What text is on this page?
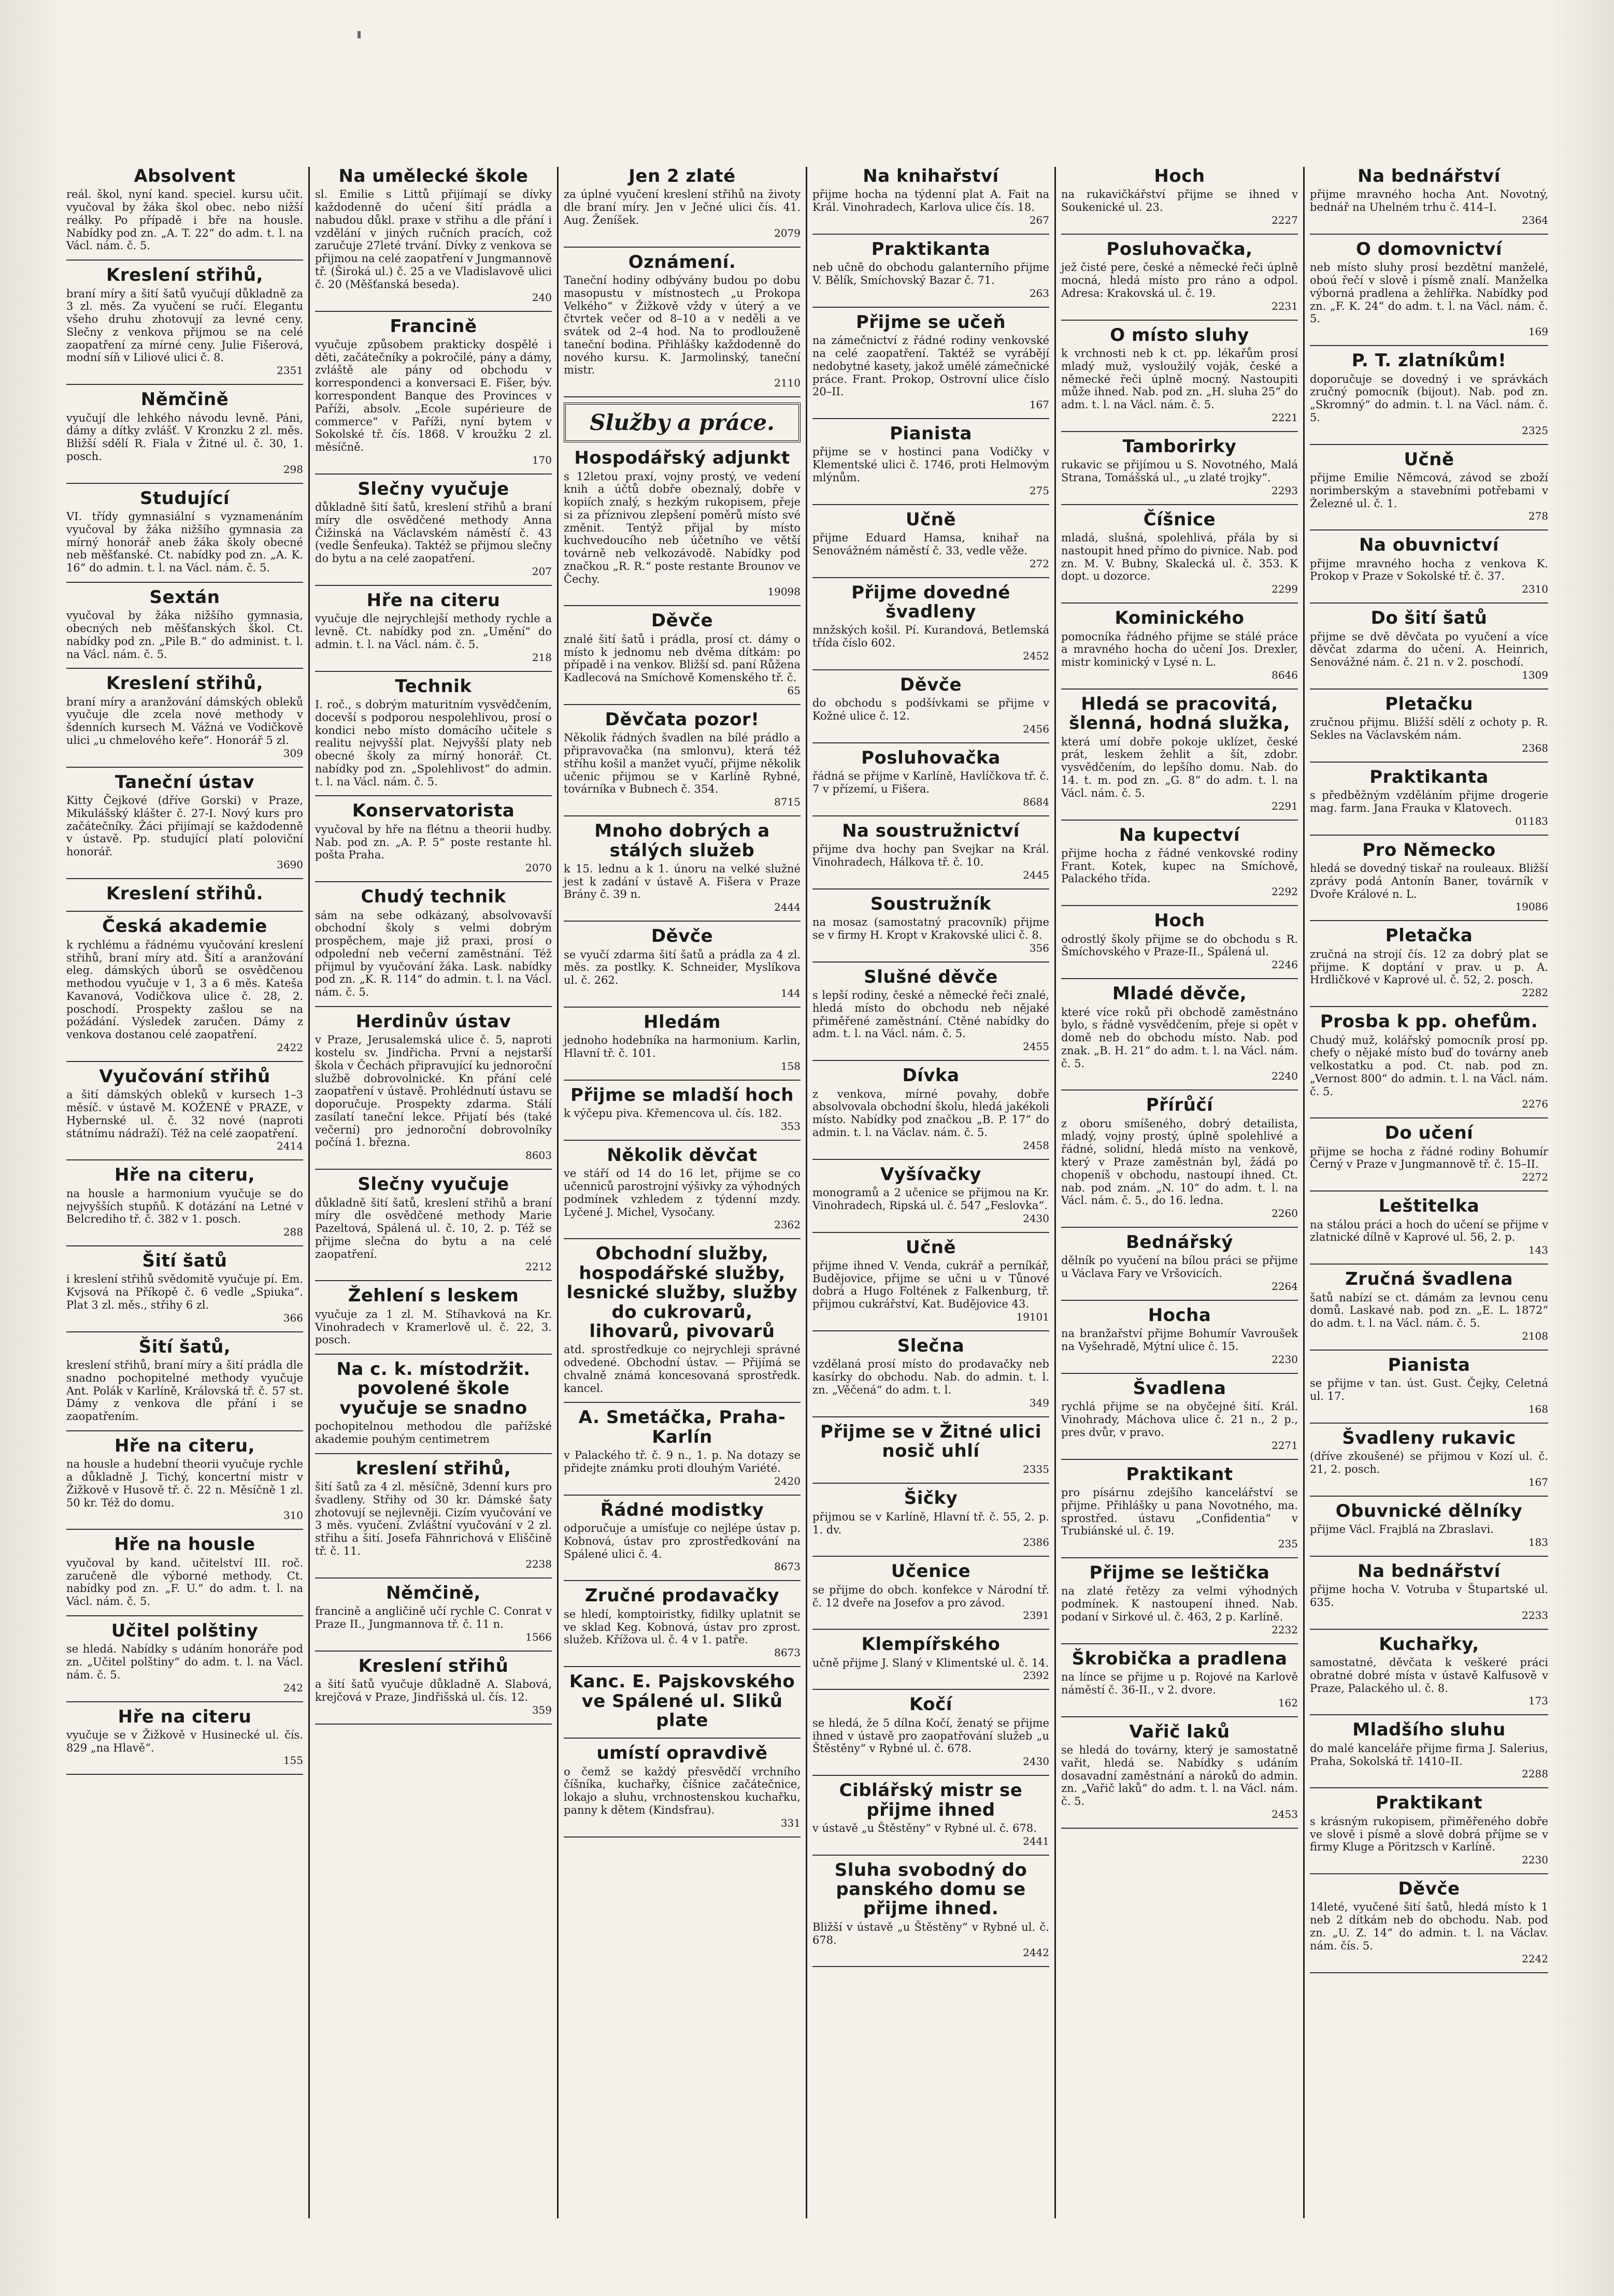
Absolvent

reál. škol, nyní kand. speciel. kursu učit. vyučoval by žáka škol obec. nebo nižší reálky. Po případě i bře na housle. Nabídky pod zn. „A. T. 22“ do adm. t. l. na Václ. nám. č. 5.

Kreslení střihů,

braní míry a šití šatů vyučují důkladně za 3 zl. měs. Za vyučení se ručí. Elegantu všeho druhu zhotovují za levné ceny. Slečny z venkova přijmou se na celé zaopatření za mírné ceny. Julie Fišerová, modní síň v Liliové ulici č. 8.

2351

Němčině

vyučují dle lehkého návodu levně. Páni, dámy a dítky zvlášť. V Kronzku 2 zl. měs. Bližší sdělí R. Fiala v Žitné ul. č. 30, 1. posch.

298

Studující

VI. třídy gymnasiální s vyznamenáním vyučoval by žáka nižšího gymnasia za mírný honorář aneb žáka školy obecné neb měšťanské. Ct. nabídky pod zn. „A. K. 16“ do admin. t. l. na Václ. nám. č. 5.

Sextán

vyučoval by žáka nižšího gymnasia, obecných neb měšťanských škol. Ct. nabídky pod zn. „Pile B.“ do administ. t. l. na Václ. nám. č. 5.

Kreslení střihů,

braní míry a aranžování dámských obleků vyučuje dle zcela nové methody v šdenních kursech M. Vážná ve Vodičkově ulici „u chmelového keře“. Honorář 5 zl.

309

Taneční ústav

Kitty Čejkové (dříve Gorski) v Praze, Mikulášský klášter č. 27-I. Nový kurs pro začátečníky. Žáci přijímají se každodenně v ústavě. Pp. studující platí poloviční honorář.

3690

Kreslení střihů.
Česká akademie

k rychlému a řádnému vyučování kreslení střihů, braní míry atd. Šití a aranžování eleg. dámských úborů se osvědčenou methodou vyučuje v 1, 3 a 6 měs. Kateša Kavanová, Vodičkova ulice č. 28, 2. poschodí. Prospekty zašlou se na požádání. Výsledek zaručen. Dámy z venkova dostanou celé zaopatření.

2422

Vyučování střihů

a šití dámských obleků v kursech 1–3 měsíč. v ústavě M. KOŽENÉ v PRAZE, v Hybernské ul. č. 32 nové (naproti státnímu nádraží). Též na celé zaopatření.

2414

Hře na citeru,

na housle a harmonium vyučuje se do nejvyšších stupňů. K dotázání na Letné v Belcrediho tř. č. 382 v 1. posch.

288

Šití šatů

i kreslení střihů svědomitě vyučuje pí. Em. Kvjsová na Příkopě č. 6 vedle „Spiuka“. Plat 3 zl. měs., střihy 6 zl.

366

Šití šatů,

kreslení střihů, braní míry a šití prádla dle snadno pochopitelné methody vyučuje Ant. Polák v Karlíně, Královská tř. č. 57 st. Dámy z venkova dle přání i se zaopatřením.

Hře na citeru,

na housle a hudební theorii vyučuje rychle a důkladně J. Tichý, koncertní mistr v Žižkově v Husově tř. č. 22 n. Měsíčně 1 zl. 50 kr. Též do domu.

310

Hře na housle

vyučoval by kand. učitelství III. roč. zaručeně dle výborné methody. Ct. nabídky pod zn. „F. U.“ do adm. t. l. na Václ. nám. č. 5.

Učitel polštiny

se hledá. Nabídky s udáním honoráře pod zn. „Učitel polštiny“ do adm. t. l. na Václ. nám. č. 5.

242

Hře na citeru

vyučuje se v Žižkově v Husinecké ul. čís. 829 „na Hlavě“.

155

Na umělecké škole

sl. Emilie s Littů přijímají se dívky každodenně do učení šití prádla a nabudou důkl. praxe v střihu a dle přání i vzdělání v jiných ručních pracích, což zaručuje 27leté trvání. Dívky z venkova se přijmou na celé zaopatření v Jungmannově tř. (Široká ul.) č. 25 a ve Vladislavově ulici č. 20 (Měšťanská beseda).

240

Francině

vyučuje způsobem prakticky dospělé i děti, začátečníky a pokročilé, pány a dámy, zvláště ale pány od obchodu v korrespondenci a konversaci E. Fišer, býv. korrespondent Banque des Provinces v Paříži, absolv. „Ecole supérieure de commerce“ v Paříži, nyní bytem v Sokolské tř. čís. 1868. V kroužku 2 zl. měsíčně.

170

Slečny vyučuje

důkladně šití šatů, kreslení střihů a braní míry dle osvědčené methody Anna Čižinská na Václavském náměstí č. 43 (vedle Šenfeuka). Taktéž se přijmou slečny do bytu a na celé zaopatření.

207

Hře na citeru

vyučuje dle nejrychlejší methody rychle a levně. Ct. nabídky pod zn. „Umění“ do admin. t. l. na Václ. nám. č. 5.

218

Technik

I. roč., s dobrým maturitním vysvědčením, docevší s podporou nespolehlivou, prosí o kondici nebo místo domácího učitele s realitu nejvyšší plat. Nejvyšší platy neb obecné školy za mírný honorář. Ct. nabídky pod zn. „Spolehlivost“ do admin. t. l. na Václ. nám. č. 5.

Konservatorista

vyučoval by hře na flétnu a theorii hudby. Nab. pod zn. „A. P. 5“ poste restante hl. pošta Praha.

2070

Chudý technik

sám na sebe odkázaný, absolvovavší obchodní školy s velmi dobrým prospěchem, maje již praxi, prosí o odpolední neb večerní zaměstnání. Též přijmul by vyučování žáka. Lask. nabídky pod zn. „K. R. 114“ do admin. t. l. na Václ. nám. č. 5.

Herdinův ústav

v Praze, Jerusalemská ulice č. 5, naproti kostelu sv. Jindřicha. První a nejstarší škola v Čechách připravující ku jednoroční službě dobrovolnické. Kn přání celé zaopatření v ústavě. Prohlédnutí ústavu se doporučuje. Prospekty zdarma. Stálí zasílatí taneční lekce. Přijatí bés (také večerní) pro jednoroční dobrovolníky počíná 1. března.

8603

Slečny vyučuje

důkladně šití šatů, kreslení střihů a braní míry dle osvědčené methody Marie Pazeltová, Spálená ul. č. 10, 2. p. Též se přijme slečna do bytu a na celé zaopatření.

2212

Žehlení s leskem

vyučuje za 1 zl. M. Stíhavková na Kr. Vinohradech v Kramerlově ul. č. 22, 3. posch.

Na c. k. místodržit. povolené škole vyučuje se snadno

pochopitelnou methodou dle pařížské akademie pouhým centimetrem

kreslení střihů,

šití šatů za 4 zl. měsíčně, 3denní kurs pro švadleny. Střihy od 30 kr. Dámské šaty zhotovují se nejlevněji. Cizím vyučování ve 3 měs. vyučení. Zvláštní vyučování v 2 zl. střihu a šití. Josefa Fähnrichová v Eliščině tř. č. 11.

2238

Němčině,

francině a angličině učí rychle C. Conrat v Praze II., Jungmannova tř. č. 11 n.

1566

Kreslení střihů

a šití šatů vyučuje důkladně A. Slabová, krejčová v Praze, Jindřišská ul. čís. 12.

359

Jen 2 zlaté

za úplné vyučení kreslení střihů na životy dle braní míry. Jen v Ječné ulici čís. 41. Aug. Ženíšek.

2079

Oznámení.

Taneční hodiny odbývány budou po dobu masopustu v místnostech „u Prokopa Velkého“ v Žižkově vždy v úterý a ve čtvrtek večer od 8–10 a v neděli a ve svátek od 2–4 hod. Na to prodlouženě taneční bodina. Přihlášky každodenně do nového kursu. K. Jarmolinský, taneční mistr.

2110

Služby a práce.
Hospodářský adjunkt

s 12letou praxí, vojny prostý, ve vedení knih a účtů dobře obeznalý, dobře v kopiích znalý, s hezkým rukopisem, přeje si za příznivou zlepšení poměrů místo své změnit. Tentýž přijal by místo kuchvedoucího neb účetního ve větší továrně neb velkozávodě. Nabídky pod značkou „R. R.“ poste restante Brounov ve Čechy.

19098

Děvče

znalé šití šatů i prádla, prosí ct. dámy o místo k jednomu neb dvěma dítkám: po případě i na venkov. Bližší sd. paní Růžena Kadlecová na Smíchově Komenského tř. č.

65

Děvčata pozor!

Několik řádných švadlen na bílé prádlo a připravovačka (na smlonvu), která též stříhu košil a manžet vyučí, přijme několik učenic přijmou se v Karlíně Rybné, továrníka v Bubnech č. 354.

8715

Mnoho dobrých a stálých služeb

k 15. lednu a k 1. únoru na velké služné jest k zadání v ústavě A. Fišera v Praze Brány č. 39 n.

2444

Děvče

se vyučí zdarma šití šatů a prádla za 4 zl. měs. za postlky. K. Schneider, Myslíkova ul. č. 262.

144

Hledám

jednoho hodebníka na harmonium. Karlin, Hlavní tř. č. 101.

158

Přijme se mladší hoch

k výčepu piva. Křemencova ul. čís. 182.

353

Několik děvčat

ve stáří od 14 do 16 let, přijme se co učenniců parostrojní výšivky za výhodných podmínek vzhledem z týdenní mzdy. Lyčené J. Michel, Vysočany.

2362

Obchodní služby, hospodářské služby, lesnické služby, služby do cukrovarů, lihovarů, pivovarů

atd. sprostředkuje co nejrychleji správné odvedené. Obchodní ústav. — Přijímá se chvalně známá koncesovaná sprostředk. kancel.

A. Smetáčka, Praha-Karlín

v Palackého tř. č. 9 n., 1. p. Na dotazy se přidejte známku proti dlouhým Variété.

2420

Řádné modistky

odporučuje a umísťuje co nejlépe ústav p. Kobnová, ústav pro zprostředkování na Spálené ulici č. 4.

8673

Zručné prodavačky

se hledí, komptoiristky, fidilky uplatnit se ve sklad Keg. Kobnová, ústav pro zprost. služeb. Křížova ul. č. 4 v 1. patře.

8673

Kanc. E. Pajskovského ve Spálené ul. Sliků plate
umístí opravdivě

o čemž se každý přesvědčí vrchního číšníka, kuchařky, číšnice začátečnice, lokajo a sluhu, vrchnostenskou kuchařku, panny k dětem (Kindsfrau).

331

Na knihařství

přijme hocha na týdenní plat A. Fait na Král. Vinohradech, Karlova ulice čís. 18.

267

Praktikanta

neb učně do obchodu galanterního přijme V. Bělík, Smíchovský Bazar č. 71.

263

Přijme se učeň

na zámečnictví z řádné rodiny venkovské na celé zaopatření. Taktéž se vyrábějí nedobytné kasety, jakož umělé zámečnické práce. Frant. Prokop, Ostrovní ulice číslo 20–II.

167

Pianista

přijme se v hostinci pana Vodičky v Klementské ulici č. 1746, proti Helmovým mlýnům.

275

Učně

přijme Eduard Hamsa, knihař na Senovážném náměstí č. 33, vedle věže.

272

Přijme dovedné švadleny

mnžských košil. Pí. Kurandová, Betlemská třída číslo 602.

2452

Děvče

do obchodu s podšívkami se přijme v Kožné ulice č. 12.

2456

Posluhovačka

řádná se přijme v Karlíně, Havlíčkova tř. č. 7 v přízemí, u Fišera.

8684

Na soustružnictví

přijme dva hochy pan Svejkar na Král. Vinohradech, Hálkova tř. č. 10.

2445

Soustružník

na mosaz (samostatný pracovník) přijme se v firmy H. Kropt v Krakovské ulici č. 8.

356

Slušné děvče

s lepší rodiny, české a německé řeči znalé, hledá místo do obchodu neb nějaké přiměřené zaměstnání. Ctěné nabídky do adm. t. l. na Václ. nám. č. 5.

2455

Dívka

z venkova, mírné povahy, dobře absolvovala obchodní školu, hledá jakékoli místo. Nabídky pod značkou „B. P. 17“ do admin. t. l. na Václav. nám. č. 5.

2458

Vyšívačky

monogramů a 2 učenice se přijmou na Kr. Vinohradech, Ripská ul. č. 547 „Feslovka“.

2430

Učně

přijme ihned V. Venda, cukrář a perníkář, Budějovice, přijme se učni u v Tůnové dobrá a Hugo Foltének z Falkenburg, tř. přijmou cukrářství, Kat. Budějovice 43.

19101

Slečna

vzdělaná prosí místo do prodavačky neb kasírky do obchodu. Nab. do admin. t. l. zn. „Věčená“ do adm. t. l.

349

Přijme se v Žitné ulici nosič uhlí

2335

Šičky

přijmou se v Karlíně, Hlavní tř. č. 55, 2. p. 1. dv.

2386

Učenice

se přijme do obch. konfekce v Národní tř. č. 12 dveře na Josefov a pro závod.

2391

Klempířského

učně přijme J. Slaný v Klimentské ul. č. 14.

2392

Kočí

se hledá, že 5 dílna Kočí, ženatý se přijme ihned v ústavě pro zaopatřování služeb „u Štěstěny“ v Rybné ul. č. 678.

2430

Ciblářský mistr se přijme ihned

v ústavě „u Štěstěny“ v Rybné ul. č. 678.

2441

Sluha svobodný do panského domu se přijme ihned.

Bližší v ústavě „u Štěstěny“ v Rybné ul. č. 678.

2442

Hoch

na rukavičkářství přijme se ihned v Soukenické ul. 23.

2227

Posluhovačka,

jež čisté pere, české a německé řeči úplně mocná, hledá místo pro ráno a odpol. Adresa: Krakovská ul. č. 19.

2231

O místo sluhy

k vrchnosti neb k ct. pp. lékařům prosí mladý muž, vysloužilý voják, české a německé řeči úplně mocný. Nastoupiti může ihned. Nab. pod zn. „H. sluha 25“ do adm. t. l. na Václ. nám. č. 5.

2221

Tamborirky

rukavic se přijímou u S. Novotného, Malá Strana, Tomášská ul., „u zlaté trojky“.

2293

Číšnice

mladá, slušná, spolehlivá, přála by si nastoupit hned přímo do pivnice. Nab. pod zn. M. V. Bubny, Skalecká ul. č. 353. K dopt. u dozorce.

2299

Kominického

pomocníka řádného přijme se stálé práce a mravného hocha do učení Jos. Drexler, mistr kominický v Lysé n. L.

8646

Hledá se pracovitá, šlenná, hodná služka,

která umí dobře pokoje uklízet, české prát, leskem žehlit a šít, zdobr. vysvědčením, do lepšího domu. Nab. do 14. t. m. pod zn. „G. 8“ do adm. t. l. na Václ. nám. č. 5.

2291

Na kupectví

přijme hocha z řádné venkovské rodiny Frant. Kotek, kupec na Smíchově, Palackého třída.

2292

Hoch

odrostlý školy přijme se do obchodu s R. Šmíchovského v Praze-II., Spálená ul.

2246

Mladé děvče,

které více roků při obchodě zaměstnáno bylo, s řádně vysvědčením, přeje si opět v domě neb do obchodu místo. Nab. pod znak. „B. H. 21“ do adm. t. l. na Václ. nám. č. 5.

2240

Přírůčí

z oboru smíšeného, dobrý detailista, mladý, vojny prostý, úplně spolehlivé a řádné, solidní, hledá místo na venkově, který v Praze zaměstnán byl, žádá po chopeníš v obchodu, nastoupí ihned. Ct. nab. pod znám. „N. 10“ do adm. t. l. na Václ. nám. č. 5., do 16. ledna.

2260

Bednářský

dělník po vyučení na bílou práci se přijme u Václava Fary ve Vršovicích.

2264

Hocha

na branžařství přijme Bohumír Vavroušek na Vyšehradě, Mýtní ulice č. 15.

2230

Švadlena

rychlá přijme se na obyčejné šití. Král. Vinohrady, Máchova ulice č. 21 n., 2 p., pres dvůr, v pravo.

2271

Praktikant

pro písárnu zdejšího kancelářství se přijme. Přihlášky u pana Novotného, ma. sprostřed. ústavu „Confidentia“ v Trubiánské ul. č. 19.

235

Přijme se leštička

na zlaté řetězy za velmi výhodných podmínek. K nastoupení ihned. Nab. podaní v Sirkové ul. č. 463, 2 p. Karlíně.

2232

Škrobička a pradlena

na línce se přijme u p. Rojové na Karlově náměstí č. 36-II., v 2. dvore.

162

Vařič laků

se hledá do továrny, který je samostatně vařit, hledá se. Nabídky s udáním dosavadní zaměstnání a nároků do admin. zn. „Vařič laků“ do adm. t. l. na Václ. nám. č. 5.

2453

Na bednářství

přijme mravného hocha Ant. Novotný, bednář na Uhelném trhu č. 414–I.

2364

O domovnictví

neb místo sluhy prosí bezdětní manželé, oboú řečí v slově i písmě znalí. Manželka výborná pradlena a žehlířka. Nabídky pod zn. „F. K. 24“ do adm. t. l. na Václ. nám. č. 5.

169

P. T. zlatníkům!

doporučuje se dovedný i ve správkách zručný pomocník (bijout). Nab. pod zn. „Skromný“ do admin. t. l. na Václ. nám. č. 5.

2325

Učně

přijme Emilie Němcová, závod se zboží norimberským a stavebními potřebami v Železné ul. č. 1.

278

Na obuvnictví

přijme mravného hocha z venkova K. Prokop v Praze v Sokolské tř. č. 37.

2310

Do šití šatů

přijme se dvě děvčata po vyučení a více děvčat zdarma do učení. A. Heinrich, Senovážné nám. č. 21 n. v 2. poschodí.

1309

Pletačku

zručnou přijmu. Bližší sdělí z ochoty p. R. Sekles na Václavském nám.

2368

Praktikanta

s předběžným vzděláním přijme drogerie mag. farm. Jana Frauka v Klatovech.

01183

Pro Německo

hledá se dovedný tiskař na rouleaux. Bližší zprávy podá Antonín Baner, továrník v Dvoře Králové n. L.

19086

Pletačka

zručná na strojí čís. 12 za dobrý plat se přijme. K doptání v prav. u p. A. Hrdličkové v Kaprové ul. č. 52, 2. posch.

2282

Prosba k pp. ohefům.

Chudý muž, kolářský pomocník prosí pp. chefy o nějaké místo buď do továrny aneb velkostatku a pod. Ct. nab. pod zn. „Vernost 800“ do admin. t. l. na Václ. nám. č. 5.

2276

Do učení

přijme se hocha z řádné rodiny Bohumír Černý v Praze v Jungmannově tř. č. 15–II.

2272

Leštitelka

na stálou práci a hoch do učení se přijme v zlatnické dílně v Kaprové ul. 56, 2. p.

143

Zručná švadlena

šatů nabízí se ct. dámám za levnou cenu domů. Laskavé nab. pod zn. „E. L. 1872“ do adm. t. l. na Václ. nám. č. 5.

2108

Pianista

se přijme v tan. úst. Gust. Čejky, Celetná ul. 17.

168

Švadleny rukavic

(dříve zkoušené) se přijmou v Kozí ul. č. 21, 2. posch.

167

Obuvnické dělníky

přijme Václ. Frajblá na Zbraslavi.

183

Na bednářství

přijme hocha V. Votruba v Štupartské ul. 635.

2233

Kuchařky,

samostatné, děvčata k veškeré práci obratné dobré místa v ústavě Kalfusově v Praze, Palackého ul. č. 8.

173

Mladšího sluhu

do malé kanceláře přijme firma J. Salerius, Praha, Sokolská tř. 1410–II.

2288

Praktikant

s krásným rukopisem, přiměřeného dobře ve slově i písmě a slově dobrá příjme se v firmy Kluge a Pöritzsch v Karlíně.

2230

Děvče

14leté, vyučené šití šatů, hledá místo k 1 neb 2 dítkám neb do obchodu. Nab. pod zn. „U. Z. 14“ do admin. t. l. na Václav. nám. čís. 5.

2242
